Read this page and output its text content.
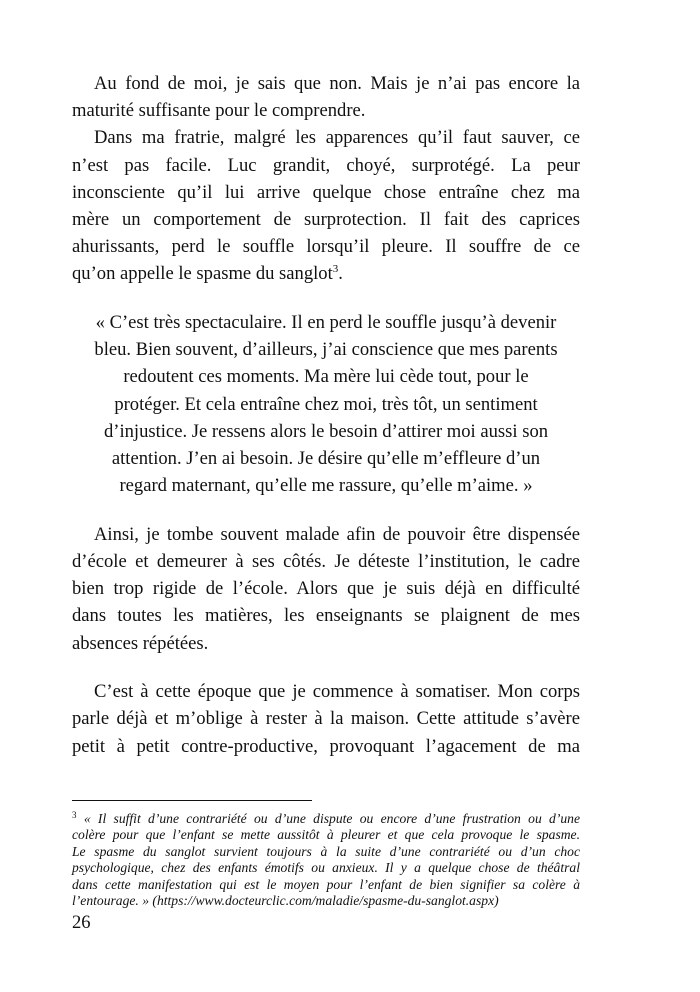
Au fond de moi, je sais que non. Mais je n’ai pas encore la
maturité suffisante pour le comprendre.
Dans ma fratrie, malgré les apparences qu’il faut sauver, ce
n’est pas facile. Luc grandit, choyé, surprotégé. La peur
inconsciente qu’il lui arrive quelque chose entraîne chez ma
mère un comportement de surprotection. Il fait des caprices
ahurissants, perd le souffle lorsqu’il pleure. Il souffre de ce
qu’on appelle le spasme du sanglot$^3$.
« C’est très spectaculaire. Il en perd le souffle jusqu’à devenir
bleu. Bien souvent, d’ailleurs, j’ai conscience que mes parents
redoutent ces moments. Ma mère lui cède tout, pour le
protéger. Et cela entraîne chez moi, très tôt, un sentiment
d’injustice. Je ressens alors le besoin d’attirer moi aussi son
attention. J’en ai besoin. Je désire qu’elle m’effleure d’un
regard maternant, qu’elle me rassure, qu’elle m’aime. »
Ainsi, je tombe souvent malade afin de pouvoir être dispensée
d’école et demeurer à ses côtés. Je déteste l’institution, le cadre
bien trop rigide de l’école. Alors que je suis déjà en difficulté
dans toutes les matières, les enseignants se plaignent de mes
absences répétées.
C’est à cette époque que je commence à somatiser. Mon corps
parle déjà et m’oblige à rester à la maison. Cette attitude s’avère
petit à petit contre-productive, provoquant l’agacement de ma
$^3$ « Il suffit d’une contrariété ou d’une dispute ou encore d’une frustration ou d’une
colère pour que l’enfant se mette aussitôt à pleurer et que cela provoque le spasme.
Le spasme du sanglot survient toujours à la suite d’une contrariété ou d’un choc
psychologique, chez des enfants émotifs ou anxieux. Il y a quelque chose de théâtral
dans cette manifestation qui est le moyen pour l’enfant de bien signifier sa colère à
l’entourage. » (https://www.docteurclic.com/maladie/spasme-du-sanglot.aspx)
26
